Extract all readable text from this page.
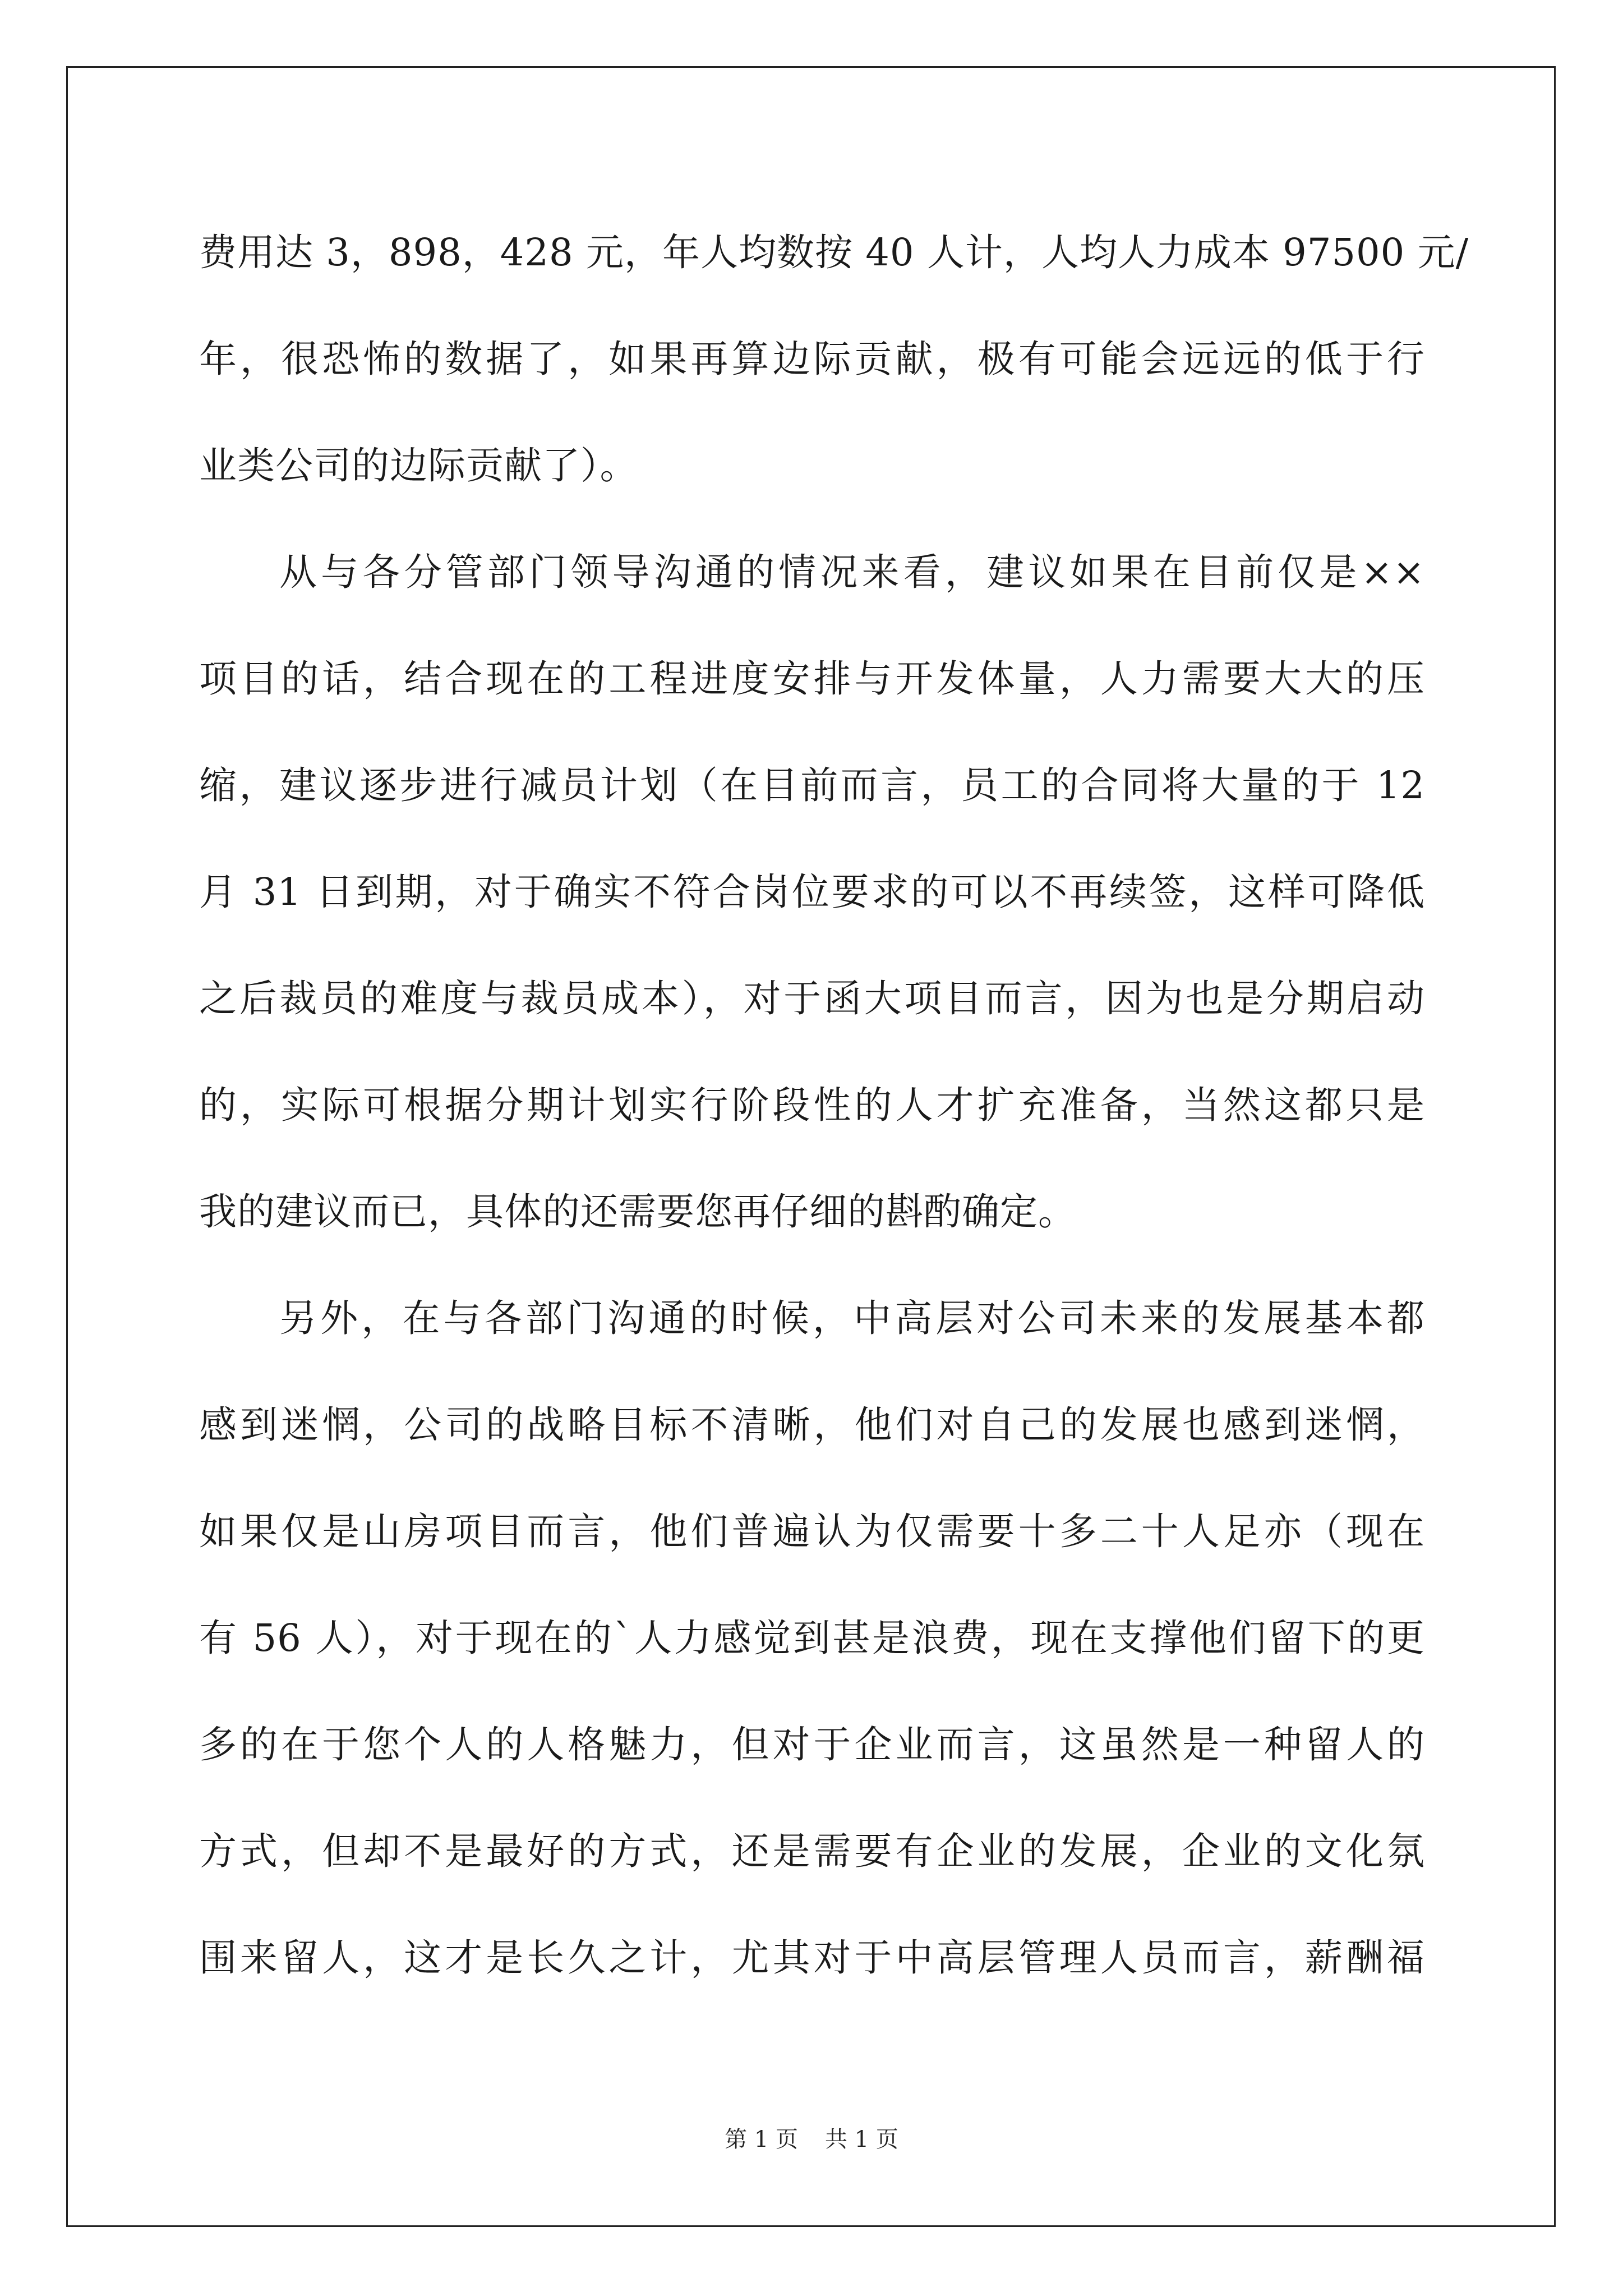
费用达 3，898，428 元，年人均数按 40 人计，人均人力成本 97500 元/
年，很恐怖的数据了，如果再算边际贡献，极有可能会远远的低于行
业类公司的边际贡献了）。
从与各分管部门领导沟通的情况来看，建议如果在目前仅是××
项目的话，结合现在的工程进度安排与开发体量，人力需要大大的压
缩，建议逐步进行减员计划（在目前而言，员工的合同将大量的于 12
月 31 日到期，对于确实不符合岗位要求的可以不再续签，这样可降低
之后裁员的难度与裁员成本），对于函大项目而言，因为也是分期启动
的，实际可根据分期计划实行阶段性的人才扩充准备，当然这都只是
我的建议而已，具体的还需要您再仔细的斟酌确定。
另外，在与各部门沟通的时候，中高层对公司未来的发展基本都
感到迷惘，公司的战略目标不清晰，他们对自己的发展也感到迷惘，
如果仅是山房项目而言，他们普遍认为仅需要十多二十人足亦（现在
有 56 人），对于现在的`人力感觉到甚是浪费，现在支撑他们留下的更
多的在于您个人的人格魅力，但对于企业而言，这虽然是一种留人的
方式，但却不是最好的方式，还是需要有企业的发展，企业的文化氛
围来留人，这才是长久之计，尤其对于中高层管理人员而言，薪酬福
第 1 页 共 1 页
